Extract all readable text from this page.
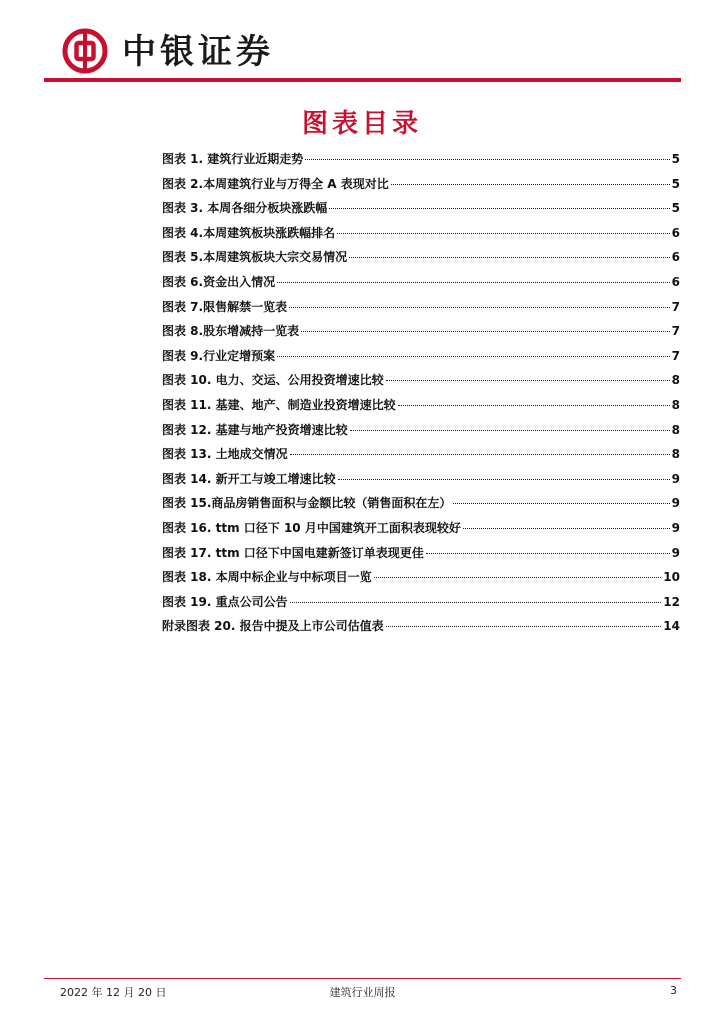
中银证券
图表目录
图表 1. 建筑行业近期走势	5
图表 2.本周建筑行业与万得全 A 表现对比	5
图表 3. 本周各细分板块涨跌幅	5
图表 4.本周建筑板块涨跌幅排名	6
图表 5.本周建筑板块大宗交易情况	6
图表 6.资金出入情况	6
图表 7.限售解禁一览表	7
图表 8.股东增减持一览表	7
图表 9.行业定增预案	7
图表 10. 电力、交运、公用投资增速比较	8
图表 11. 基建、地产、制造业投资增速比较	8
图表 12. 基建与地产投资增速比较	8
图表 13. 土地成交情况	8
图表 14. 新开工与竣工增速比较	9
图表 15.商品房销售面积与金额比较（销售面积在左）	9
图表 16. ttm 口径下 10 月中国建筑开工面积表现较好	9
图表 17. ttm 口径下中国电建新签订单表现更佳	9
图表 18. 本周中标企业与中标项目一览	10
图表 19. 重点公司公告	12
附录图表 20. 报告中提及上市公司估值表	14
2022 年 12 月 20 日	建筑行业周报	3
